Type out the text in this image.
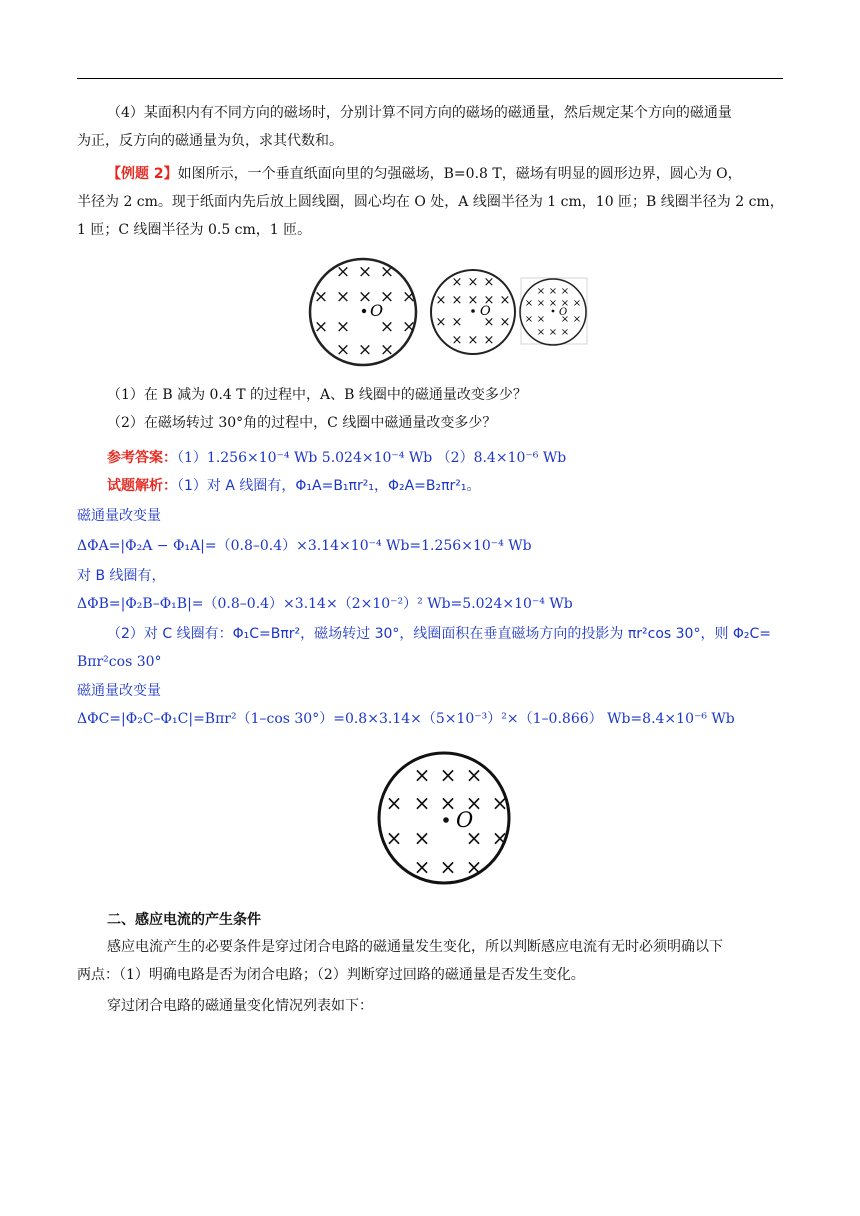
（4）某面积内有不同方向的磁场时，分别计算不同方向的磁场的磁通量，然后规定某个方向的磁通量
为正，反方向的磁通量为负，求其代数和。
【例题 2】如图所示，一个垂直纸面向里的匀强磁场，B=0.8 T，磁场有明显的圆形边界，圆心为 O，
半径为 2 cm。现于纸面内先后放上圆线圈，圆心均在 O 处，A 线圈半径为 1 cm，10 匝；B 线圈半径为 2 cm，
1 匝；C 线圈半径为 0.5 cm，1 匝。
× × ×
× × × × ×
× × × ×
× × ×
O
× × ×
× × × × ×
× × × ×
× × ×
O
× × ×
× × × × ×
× × × ×
× × ×
O
（1）在 B 减为 0.4 T 的过程中，A、B 线圈中的磁通量改变多少？
（2）在磁场转过 30°角的过程中，C 线圈中磁通量改变多少？
参考答案：（1）1.256×10⁻⁴ Wb 5.024×10⁻⁴ Wb （2）8.4×10⁻⁶ Wb
试题解析：（1）对 A 线圈有，Φ₁A=B₁πr²₁，Φ₂A=B₂πr²₁。
磁通量改变量
ΔΦA=|Φ₂A − Φ₁A|=（0.8–0.4）×3.14×10⁻⁴ Wb=1.256×10⁻⁴ Wb
对 B 线圈有，
ΔΦB=|Φ₂B–Φ₁B|=（0.8–0.4）×3.14×（2×10⁻²）² Wb=5.024×10⁻⁴ Wb
（2）对 C 线圈有：Φ₁C=Bπr²，磁场转过 30°，线圈面积在垂直磁场方向的投影为 πr²cos 30°，则 Φ₂C=
Bπr²cos 30°
磁通量改变量
ΔΦC=|Φ₂C–Φ₁C|=Bπr²（1–cos 30°）=0.8×3.14×（5×10⁻³）²×（1–0.866） Wb=8.4×10⁻⁶ Wb
× × ×
× × × × ×
× × × ×
× × ×
O
二、感应电流的产生条件
感应电流产生的必要条件是穿过闭合电路的磁通量发生变化，所以判断感应电流有无时必须明确以下
两点：（1）明确电路是否为闭合电路；（2）判断穿过回路的磁通量是否发生变化。
穿过闭合电路的磁通量变化情况列表如下：
